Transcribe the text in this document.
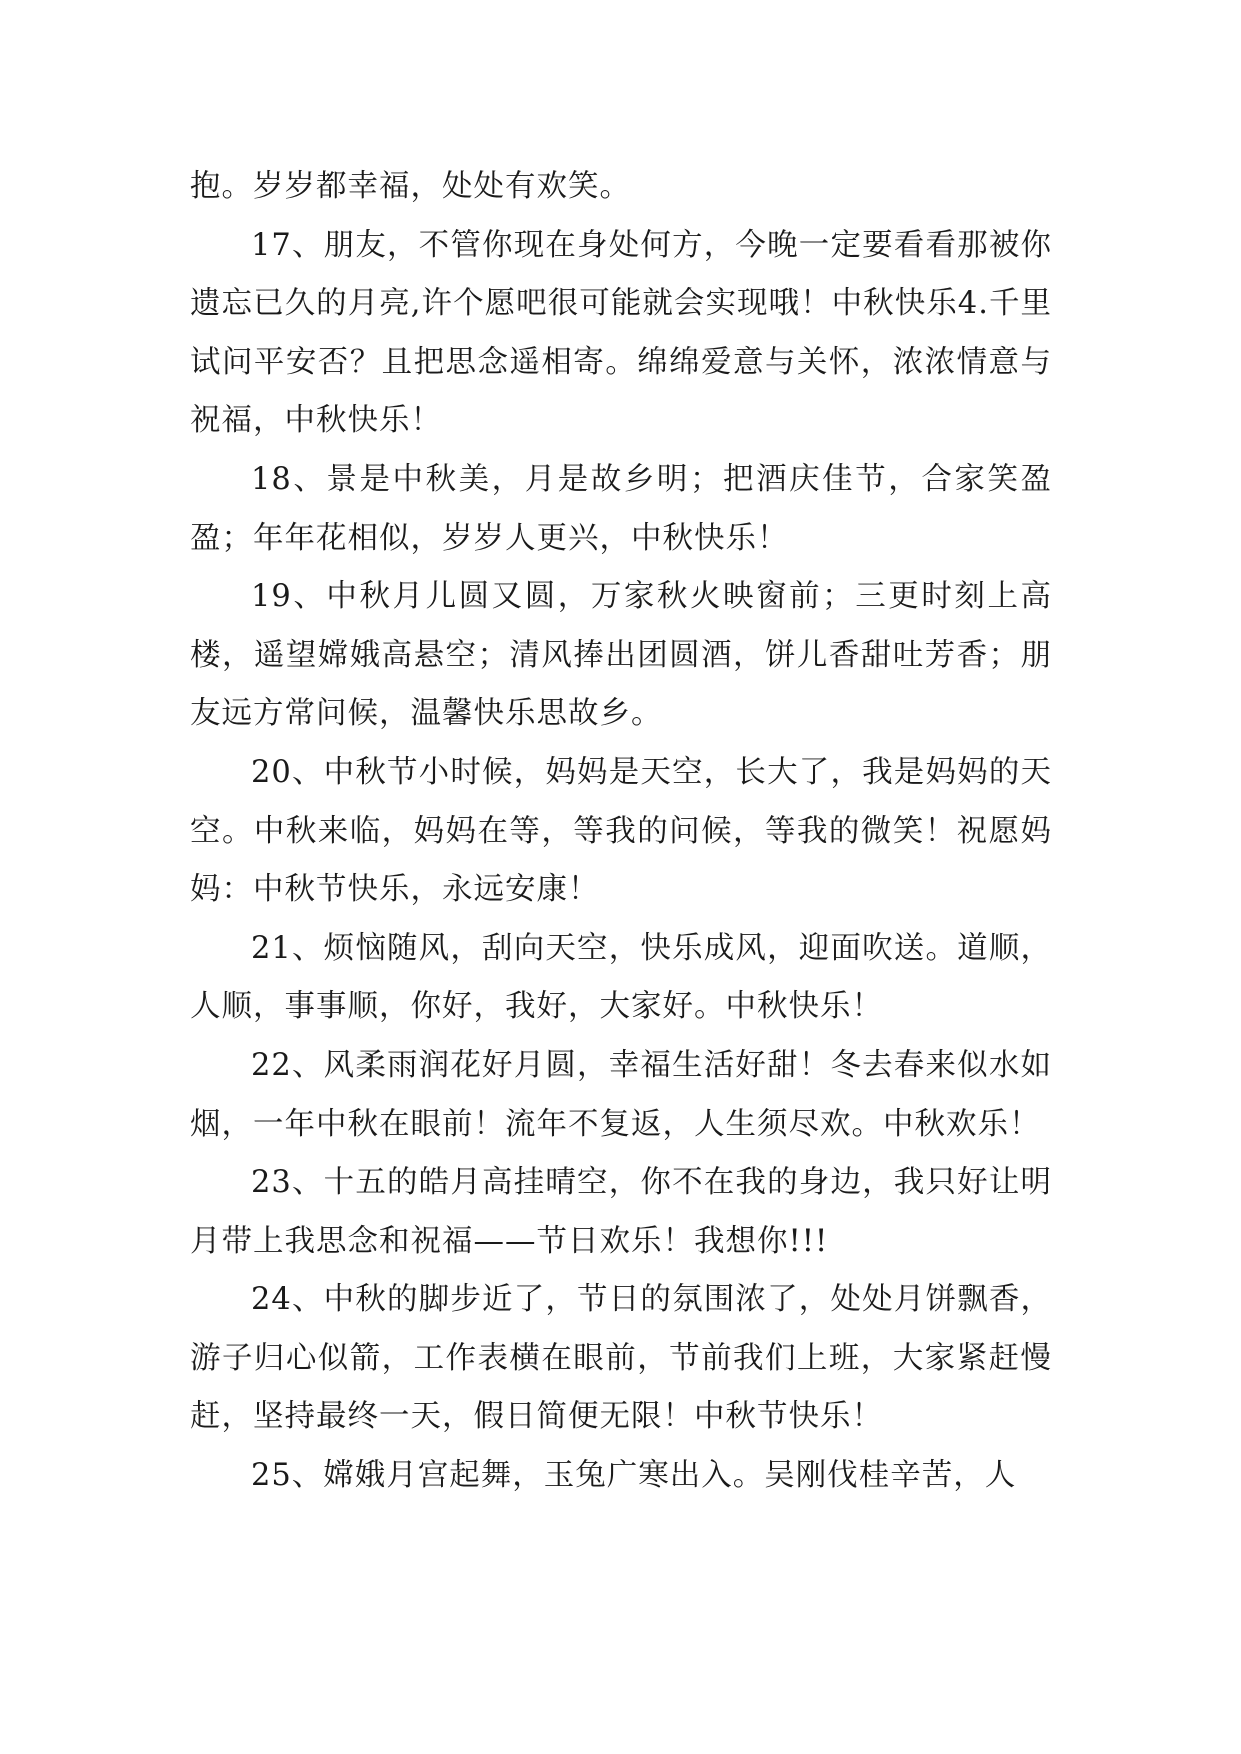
抱。岁岁都幸福，处处有欢笑。

17、朋友，不管你现在身处何方，今晚一定要看看那被你遗忘已久的月亮,许个愿吧很可能就会实现哦！中秋快乐4.千里试问平安否？且把思念遥相寄。绵绵爱意与关怀，浓浓情意与祝福，中秋快乐！

18、景是中秋美，月是故乡明；把酒庆佳节，合家笑盈盈；年年花相似，岁岁人更兴，中秋快乐！

19、中秋月儿圆又圆，万家秋火映窗前；三更时刻上高楼，遥望嫦娥高悬空；清风捧出团圆酒，饼儿香甜吐芳香；朋友远方常问候，温馨快乐思故乡。

20、中秋节小时候，妈妈是天空，长大了，我是妈妈的天空。中秋来临，妈妈在等，等我的问候，等我的微笑！祝愿妈妈：中秋节快乐，永远安康！

21、烦恼随风，刮向天空，快乐成风，迎面吹送。道顺，人顺，事事顺，你好，我好，大家好。中秋快乐！

22、风柔雨润花好月圆，幸福生活好甜！冬去春来似水如烟，一年中秋在眼前！流年不复返，人生须尽欢。中秋欢乐！

23、十五的皓月高挂晴空，你不在我的身边，我只好让明月带上我思念和祝福——节日欢乐！我想你!!!

24、中秋的脚步近了，节日的氛围浓了，处处月饼飘香，游子归心似箭，工作表横在眼前，节前我们上班，大家紧赶慢赶，坚持最终一天，假日简便无限！中秋节快乐！

25、嫦娥月宫起舞，玉兔广寒出入。吴刚伐桂辛苦，人
